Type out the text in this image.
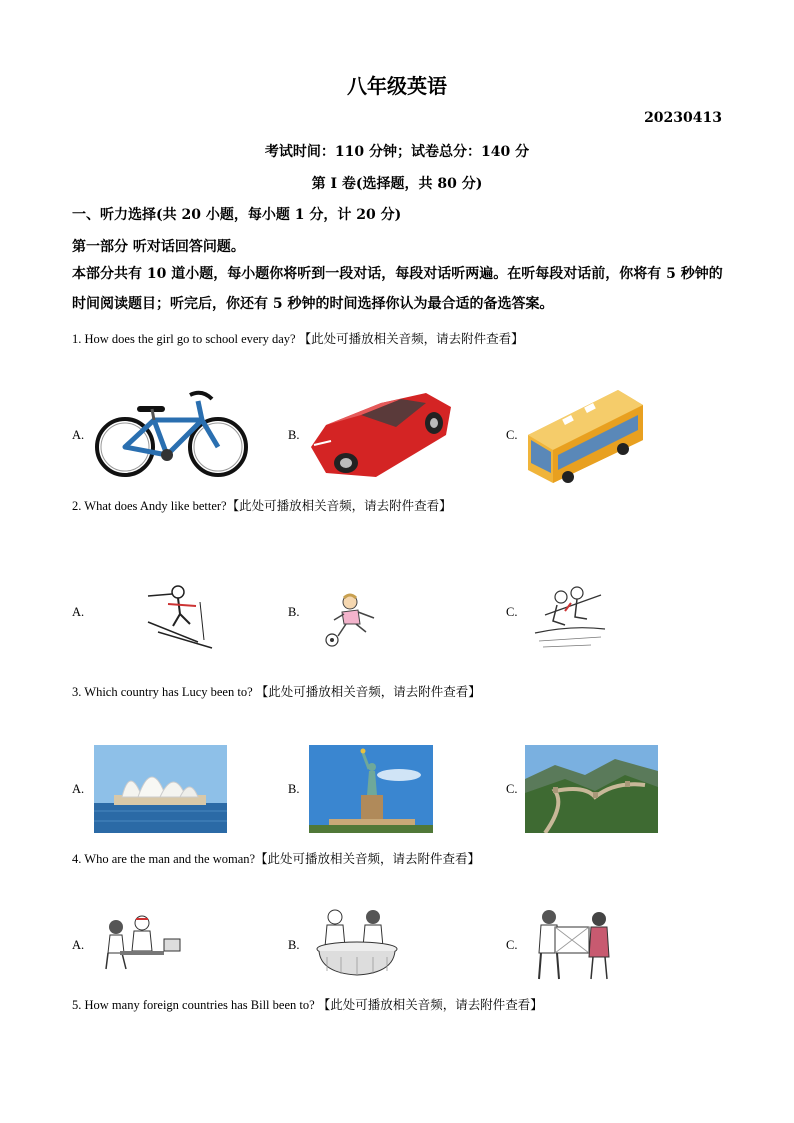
八年级英语
20230413
考试时间：110 分钟；试卷总分：140 分
第 I 卷(选择题，共 80 分)
一、听力选择(共 20 小题，每小题 1 分，计 20 分)
第一部分 听对话回答问题。
本部分共有 10 道小题，每小题你将听到一段对话，每段对话听两遍。在听每段对话前，你将有 5 秒钟的时间阅读题目；听完后，你还有 5 秒钟的时间选择你认为最合适的备选答案。
1. How does the girl go to school every day? 【此处可播放相关音频，请去附件查看】
A.	B.	C.
2. What does Andy like better?【此处可播放相关音频，请去附件查看】
A.	B.	C.
3. Which country has Lucy been to? 【此处可播放相关音频，请去附件查看】
A.	B.	C.
4. Who are the man and the woman?【此处可播放相关音频，请去附件查看】
A.	B.	C.
5. How many foreign countries has Bill been to? 【此处可播放相关音频，请去附件查看】
